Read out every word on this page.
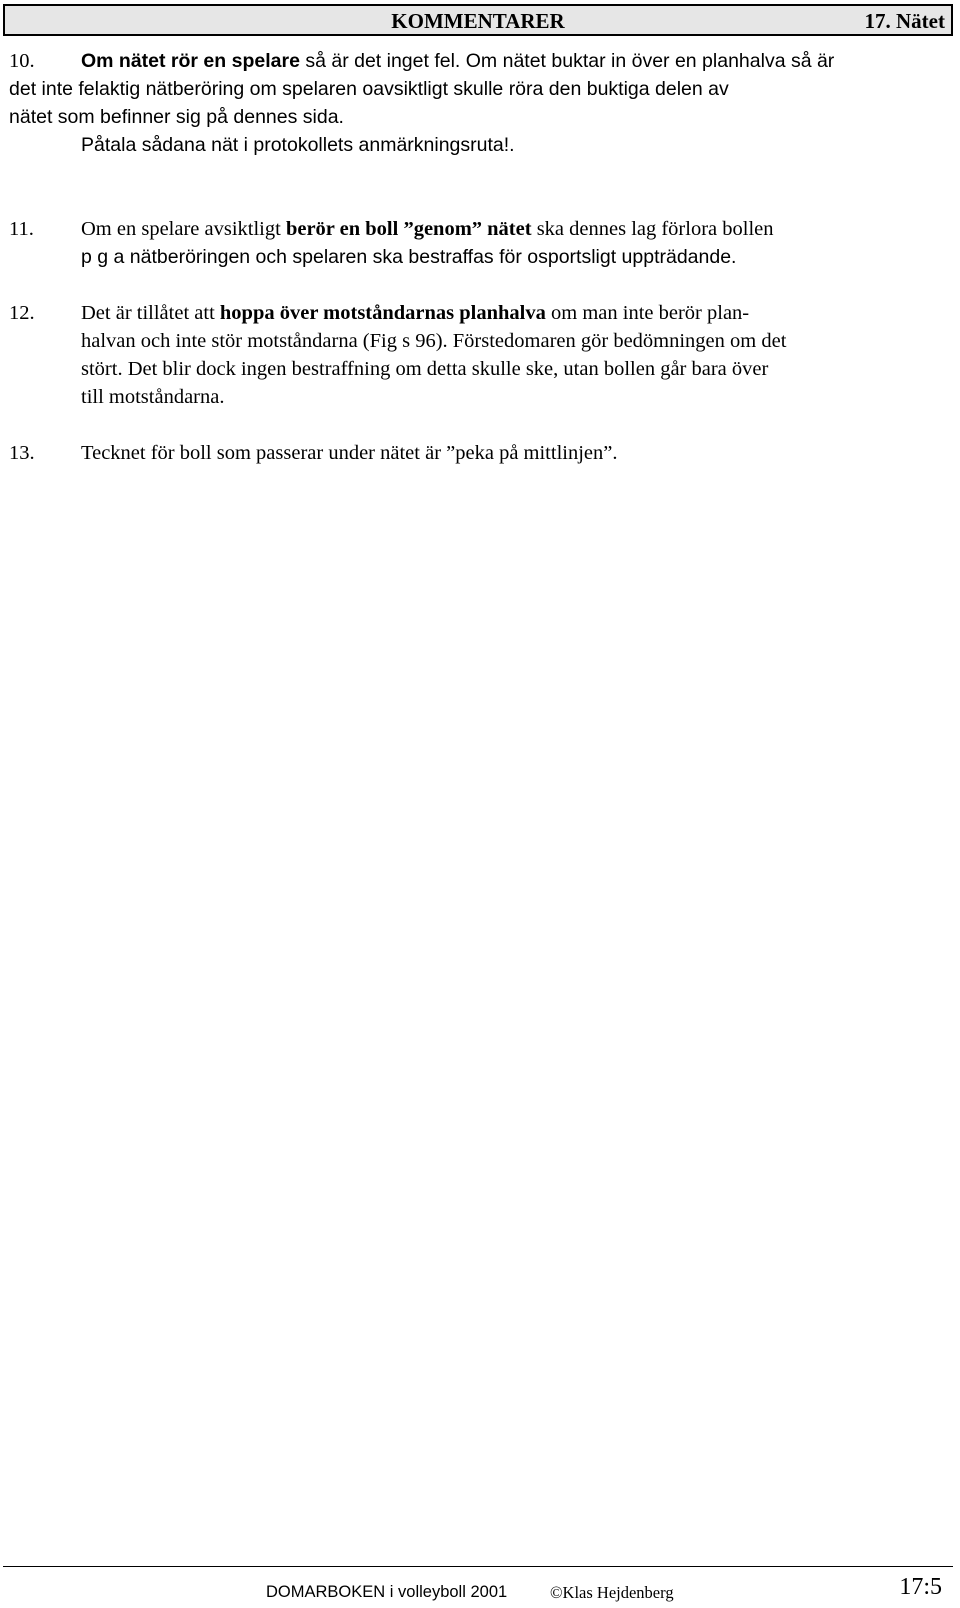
KOMMENTARER	17. Nätet
10. Om nätet rör en spelare så är det inget fel. Om nätet buktar in över en planhalva så är
det inte felaktig nätberöring om spelaren oavsiktligt skulle röra den buktiga delen av
nätet som befinner sig på dennes sida.
Påtala sådana nät i protokollets anmärkningsruta!.
11. Om en spelare avsiktligt berör en boll ”genom” nätet ska dennes lag förlora bollen
p g a nätberöringen och spelaren ska bestraffas för osportsligt uppträdande.
12. Det är tillåtet att hoppa över motståndarnas planhalva om man inte berör plan-
halvan och inte stör motståndarna (Fig s 96). Förstedomaren gör bedömningen om det
stört. Det blir dock ingen bestraffning om detta skulle ske, utan bollen går bara över
till motståndarna.
13. Tecknet för boll som passerar under nätet är ”peka på mittlinjen”.
DOMARBOKEN i volleyboll 2001	©Klas Hejdenberg	17:5
